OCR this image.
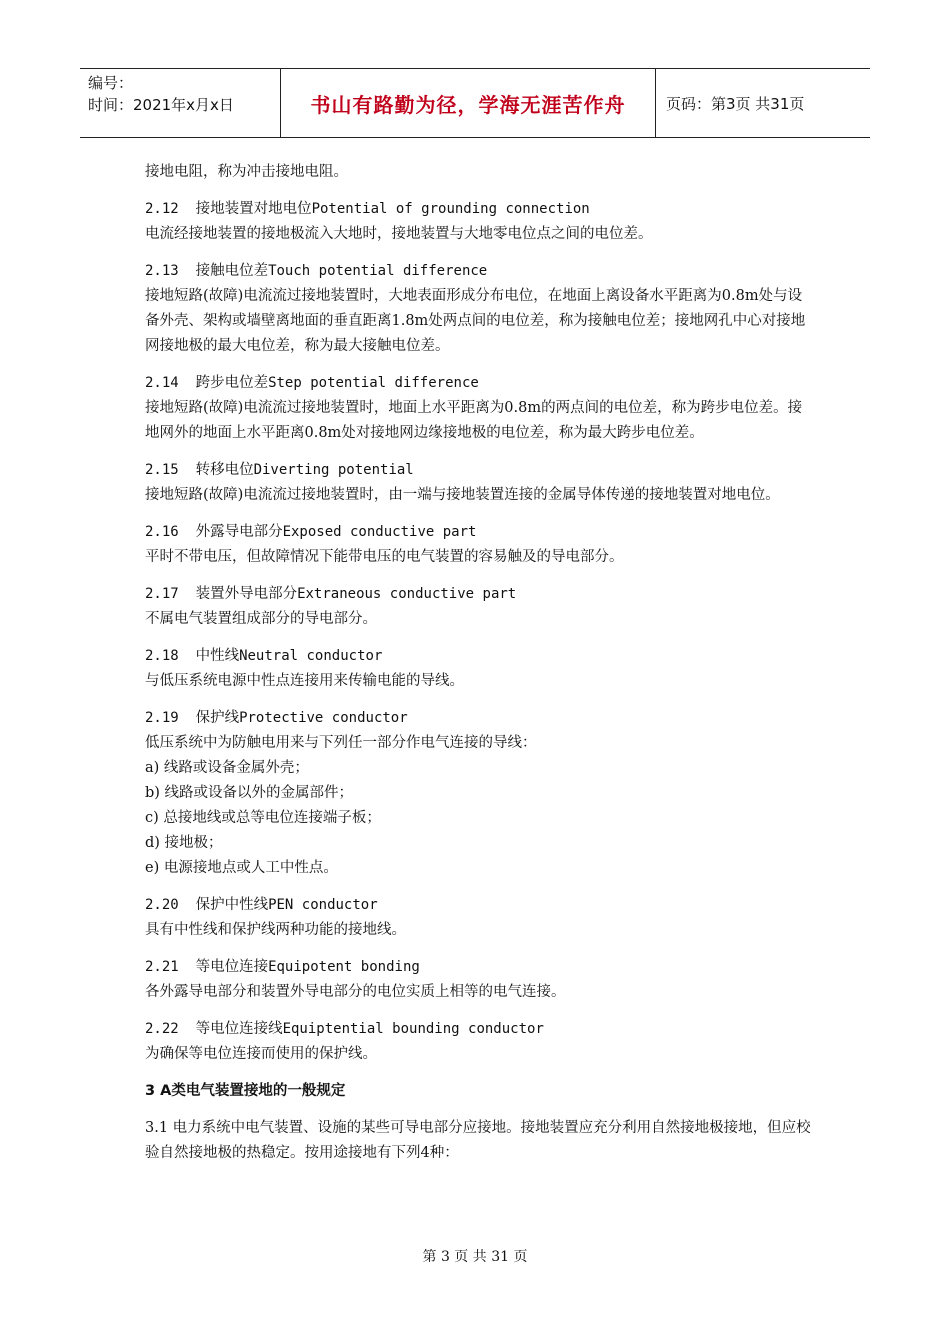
编号：
时间：2021年x月x日	书山有路勤为径，学海无涯苦作舟	页码：第3页 共31页
接地电阻，称为冲击接地电阻。
2.12 接地装置对地电位Potential of grounding connection
电流经接地装置的接地极流入大地时，接地装置与大地零电位点之间的电位差。
2.13 接触电位差Touch potential difference
接地短路(故障)电流流过接地装置时，大地表面形成分布电位，在地面上离设备水平距离为0.8m处与设备外壳、架构或墙壁离地面的垂直距离1.8m处两点间的电位差，称为接触电位差；接地网孔中心对接地网接地极的最大电位差，称为最大接触电位差。
2.14 跨步电位差Step potential difference
接地短路(故障)电流流过接地装置时，地面上水平距离为0.8m的两点间的电位差，称为跨步电位差。接地网外的地面上水平距离0.8m处对接地网边缘接地极的电位差，称为最大跨步电位差。
2.15 转移电位Diverting potential
接地短路(故障)电流流过接地装置时，由一端与接地装置连接的金属导体传递的接地装置对地电位。
2.16 外露导电部分Exposed conductive part
平时不带电压，但故障情况下能带电压的电气装置的容易触及的导电部分。
2.17 装置外导电部分Extraneous conductive part
不属电气装置组成部分的导电部分。
2.18 中性线Neutral conductor
与低压系统电源中性点连接用来传输电能的导线。
2.19 保护线Protective conductor
低压系统中为防触电用来与下列任一部分作电气连接的导线：
a) 线路或设备金属外壳；
b) 线路或设备以外的金属部件；
c) 总接地线或总等电位连接端子板；
d) 接地极；
e) 电源接地点或人工中性点。
2.20 保护中性线PEN conductor
具有中性线和保护线两种功能的接地线。
2.21 等电位连接Equipotent bonding
各外露导电部分和装置外导电部分的电位实质上相等的电气连接。
2.22 等电位连接线Equiptential bounding conductor
为确保等电位连接而使用的保护线。
3 A类电气装置接地的一般规定
3.1 电力系统中电气装置、设施的某些可导电部分应接地。接地装置应充分利用自然接地极接地，但应校验自然接地极的热稳定。按用途接地有下列4种：
第 3 页 共 31 页
